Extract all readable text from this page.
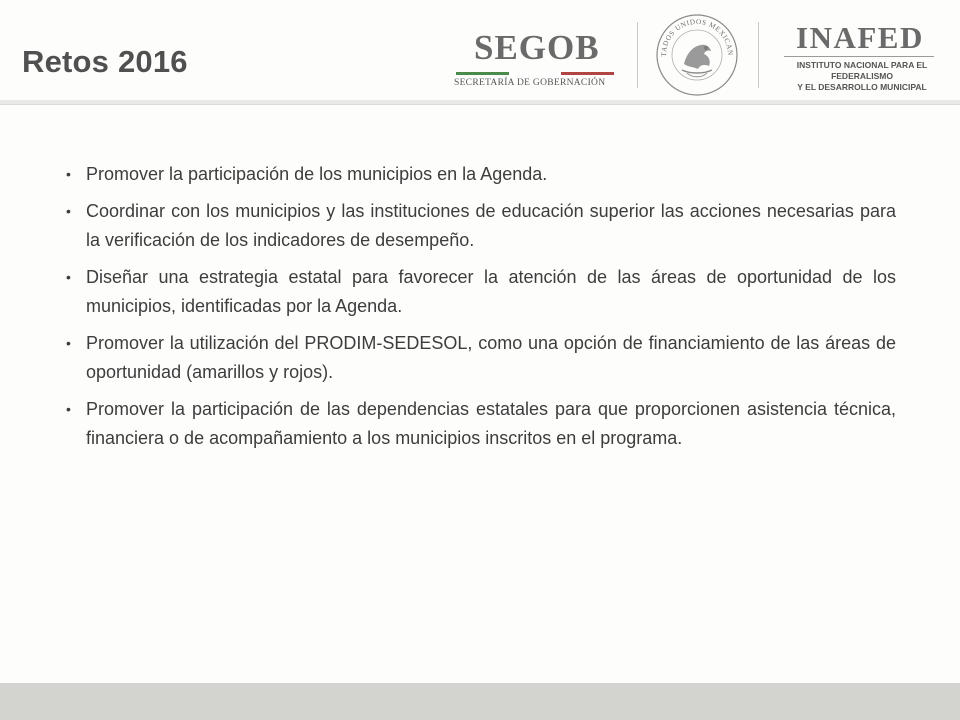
Retos 2016	SEGOB
SECRETARÍA DE GOBERNACIÓN
TADOS UNIDOS MEXICAN INAFED
INSTITUTO NACIONAL PARA EL FEDERALISMO
Y EL DESARROLLO MUNICIPAL
• Promover la participación de los municipios en la Agenda.
• Coordinar con los municipios y las instituciones de educación superior las acciones necesarias para la verificación de los indicadores de desempeño.
• Diseñar una estrategia estatal para favorecer la atención de las áreas de oportunidad de los municipios, identificadas por la Agenda.
• Promover la utilización del PRODIM-SEDESOL, como una opción de financiamiento de las áreas de oportunidad (amarillos y rojos).
• Promover la participación de las dependencias estatales para que proporcionen asistencia técnica, financiera o de acompañamiento a los municipios inscritos en el programa.
